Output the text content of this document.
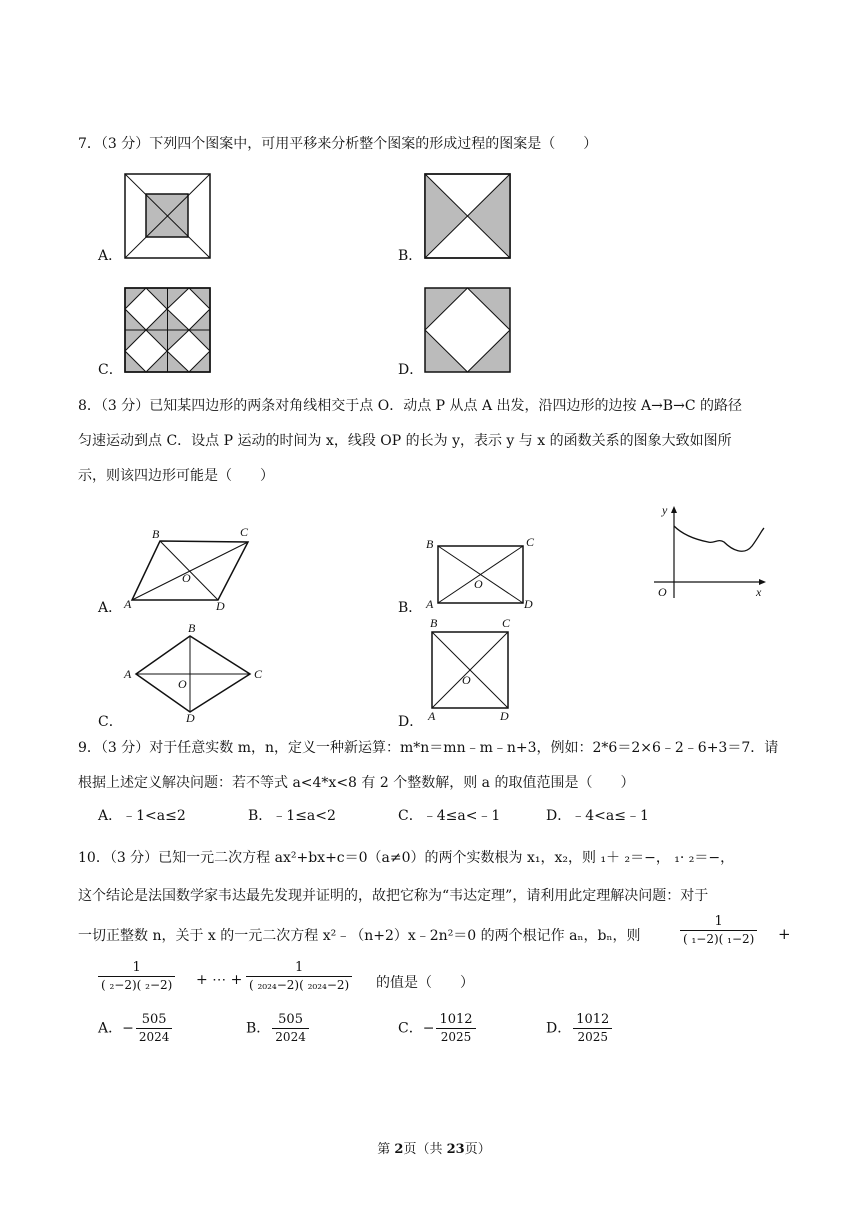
7．（3 分）下列四个图案中，可用平移来分析整个图案的形成过程的图案是（　　）
A．	B．
C．	D．
8．（3 分）已知某四边形的两条对角线相交于点 O．动点 P 从点 A 出发，沿四边形的边按 A→B→C 的路径
匀速运动到点 C．设点 P 运动的时间为 x，线段 OP 的长为 y，表示 y 与 x 的函数关系的图象大致如图所
示，则该四边形可能是（　　）
A．
B	C
A	D
O
B．
B	C
A	D
O
y
x
O
C．
B
C
A
D
O
D．
B	C
A	D
O
9．（3 分）对于任意实数 m，n，定义一种新运算：m*n＝mn﹣m﹣n+3，例如：2*6＝2×6﹣2﹣6+3＝7．请
根据上述定义解决问题：若不等式 a<4*x<8 有 2 个整数解，则 a 的取值范围是（　　）
A．﹣1<a≤2	B．﹣1≤a<2	C．﹣4≤a<﹣1	D．﹣4<a≤﹣1
10．（3 分）已知一元二次方程 ax²+bx+c＝0（a≠0）的两个实数根为 x₁，x₂，则 ₁＋ ₂＝−， ₁· ₂＝−，
这个结论是法国数学家韦达最先发现并证明的，故把它称为“韦达定理”，请利用此定理解决问题：对于
一切正整数 n，关于 x 的一元二次方程 x²﹣（n+2）x﹣2n²＝0 的两个根记作 aₙ，bₙ，则	$\frac{1}{\text{( ₁−2)( ₁−2)}}$ +
$\frac{1}{\text{( ₂−2)( ₂−2)}}$ + ⋯ + $\frac{1}{\text{( ₂₀₂₄−2)( ₂₀₂₄−2)}}$ 的值是（　　）
A．− $\frac{505}{2024}$	B． $\frac{505}{2024}$	C．− $\frac{1012}{2025}$	D． $\frac{1012}{2025}$
第 2页（共 23页）
